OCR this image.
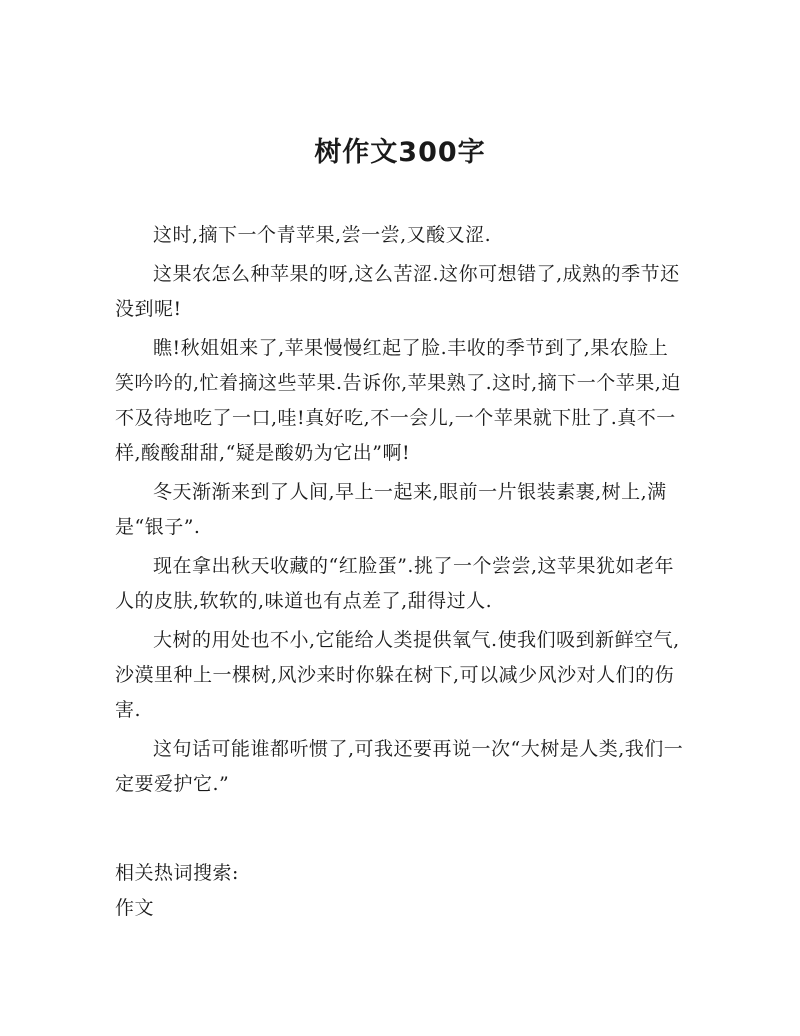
树作文300字

这时,摘下一个青苹果,尝一尝,又酸又涩.

这果农怎么种苹果的呀,这么苦涩.这你可想错了,成熟的季节还没到呢!

瞧!秋姐姐来了,苹果慢慢红起了脸.丰收的季节到了,果农脸上笑吟吟的,忙着摘这些苹果.告诉你,苹果熟了.这时,摘下一个苹果,迫不及待地吃了一口,哇!真好吃,不一会儿,一个苹果就下肚了.真不一样,酸酸甜甜,“疑是酸奶为它出”啊!

冬天渐渐来到了人间,早上一起来,眼前一片银装素裹,树上,满是“银子”.

现在拿出秋天收藏的“红脸蛋”.挑了一个尝尝,这苹果犹如老年人的皮肤,软软的,味道也有点差了,甜得过人.

大树的用处也不小,它能给人类提供氧气.使我们吸到新鲜空气,沙漠里种上一棵树,风沙来时你躲在树下,可以减少风沙对人们的伤害.

这句话可能谁都听惯了,可我还要再说一次“大树是人类,我们一定要爱护它.”

相关热词搜索:
作文
